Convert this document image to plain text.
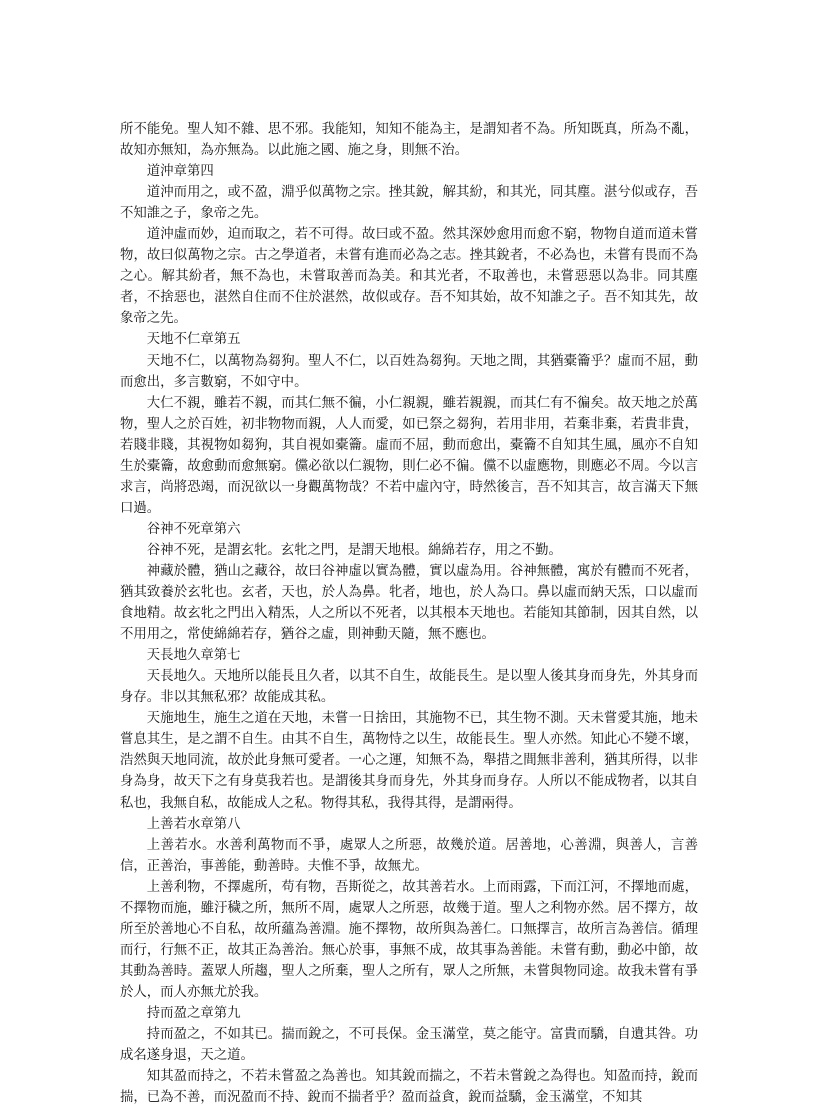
所不能免。聖人知不雜、思不邪。我能知，知知不能為主，是謂知者不為。所知既真，所為不亂，故知亦無知，為亦無為。以此施之國、施之身，則無不治。

道沖章第四

道沖而用之，或不盈，淵乎似萬物之宗。挫其銳，解其紛，和其光，同其塵。湛兮似或存，吾不知誰之子，象帝之先。

道沖虛而妙，迫而取之，若不可得。故曰或不盈。然其深妙愈用而愈不窮，物物自道而道未嘗物，故曰似萬物之宗。古之學道者，未嘗有進而必為之志。挫其銳者，不必為也，未嘗有畏而不為之心。解其紛者，無不為也，未嘗取善而為美。和其光者，不取善也，未嘗惡惡以為非。同其塵者，不捨惡也，湛然自住而不住於湛然，故似或存。吾不知其始，故不知誰之子。吾不知其先，故象帝之先。

天地不仁章第五

天地不仁，以萬物為芻狗。聖人不仁，以百姓為芻狗。天地之間，其猶橐籥乎？虛而不屈，動而愈出，多言數窮，不如守中。

大仁不親，雖若不親，而其仁無不徧，小仁親親，雖若親親，而其仁有不徧矣。故天地之於萬物，聖人之於百姓，初非物物而親，人人而愛，如已祭之芻狗，若用非用，若棄非棄，若貴非貴，若賤非賤，其視物如芻狗，其自視如橐籥。虛而不屈，動而愈出，橐籥不自知其生風，風亦不自知生於橐籥，故愈動而愈無窮。儻必欲以仁親物，則仁必不徧。儻不以虛應物，則應必不周。今以言求言，尚將恐竭，而況欲以一身觀萬物哉？不若中虛內守，時然後言，吾不知其言，故言滿天下無口過。

谷神不死章第六

谷神不死，是謂玄牝。玄牝之門，是謂天地根。綿綿若存，用之不勤。

神藏於體，猶山之藏谷，故曰谷神虛以實為體，實以虛為用。谷神無體，寓於有體而不死者，猶其致養於玄牝也。玄者，天也，於人為鼻。牝者，地也，於人為口。鼻以虛而納天炁，口以虛而食地精。故玄牝之門出入精炁，人之所以不死者，以其根本天地也。若能知其節制，因其自然，以不用用之，常使綿綿若存，猶谷之虛，則神動天隨，無不應也。

天長地久章第七

天長地久。天地所以能長且久者，以其不自生，故能長生。是以聖人後其身而身先，外其身而身存。非以其無私邪？故能成其私。

天施地生，施生之道在天地，未嘗一日捨田，其施物不已，其生物不測。天未嘗愛其施，地未嘗息其生，是之謂不自生。由其不自生，萬物恃之以生，故能長生。聖人亦然。知此心不變不壞，浩然與天地同流，故於此身無可愛者。一心之運，知無不為，舉措之間無非善利，猶其所得，以非身為身，故天下之有身莫我若也。是謂後其身而身先，外其身而身存。人所以不能成物者，以其自私也，我無自私，故能成人之私。物得其私，我得其得，是謂兩得。

上善若水章第八

上善若水。水善利萬物而不爭，處眾人之所惡，故幾於道。居善地，心善淵，與善人，言善信，正善治，事善能，動善時。夫惟不爭，故無尤。

上善利物，不擇處所，苟有物，吾斯從之，故其善若水。上而雨露，下而江河，不擇地而處，不擇物而施，雖汙穢之所，無所不周，處眾人之所惡，故幾于道。聖人之利物亦然。居不擇方，故所至於善地心不自私，故所蘊為善淵。施不擇物，故所與為善仁。口無擇言，故所言為善信。循理而行，行無不正，故其正為善治。無心於事，事無不成，故其事為善能。未嘗有動，動必中節，故其動為善時。蓋眾人所趨，聖人之所棄，聖人之所有，眾人之所無，未嘗與物同途。故我未嘗有爭於人，而人亦無尤於我。

持而盈之章第九

持而盈之，不如其已。揣而銳之，不可長保。金玉滿堂，莫之能守。富貴而驕，自遺其咎。功成名遂身退，天之道。

知其盈而持之，不若未嘗盈之為善也。知其銳而揣之，不若未嘗銳之為得也。知盈而持，銳而揣，已為不善，而況盈而不持、銳而不揣者乎？盈而益貪，銳而益驕，金玉滿堂，不知其
